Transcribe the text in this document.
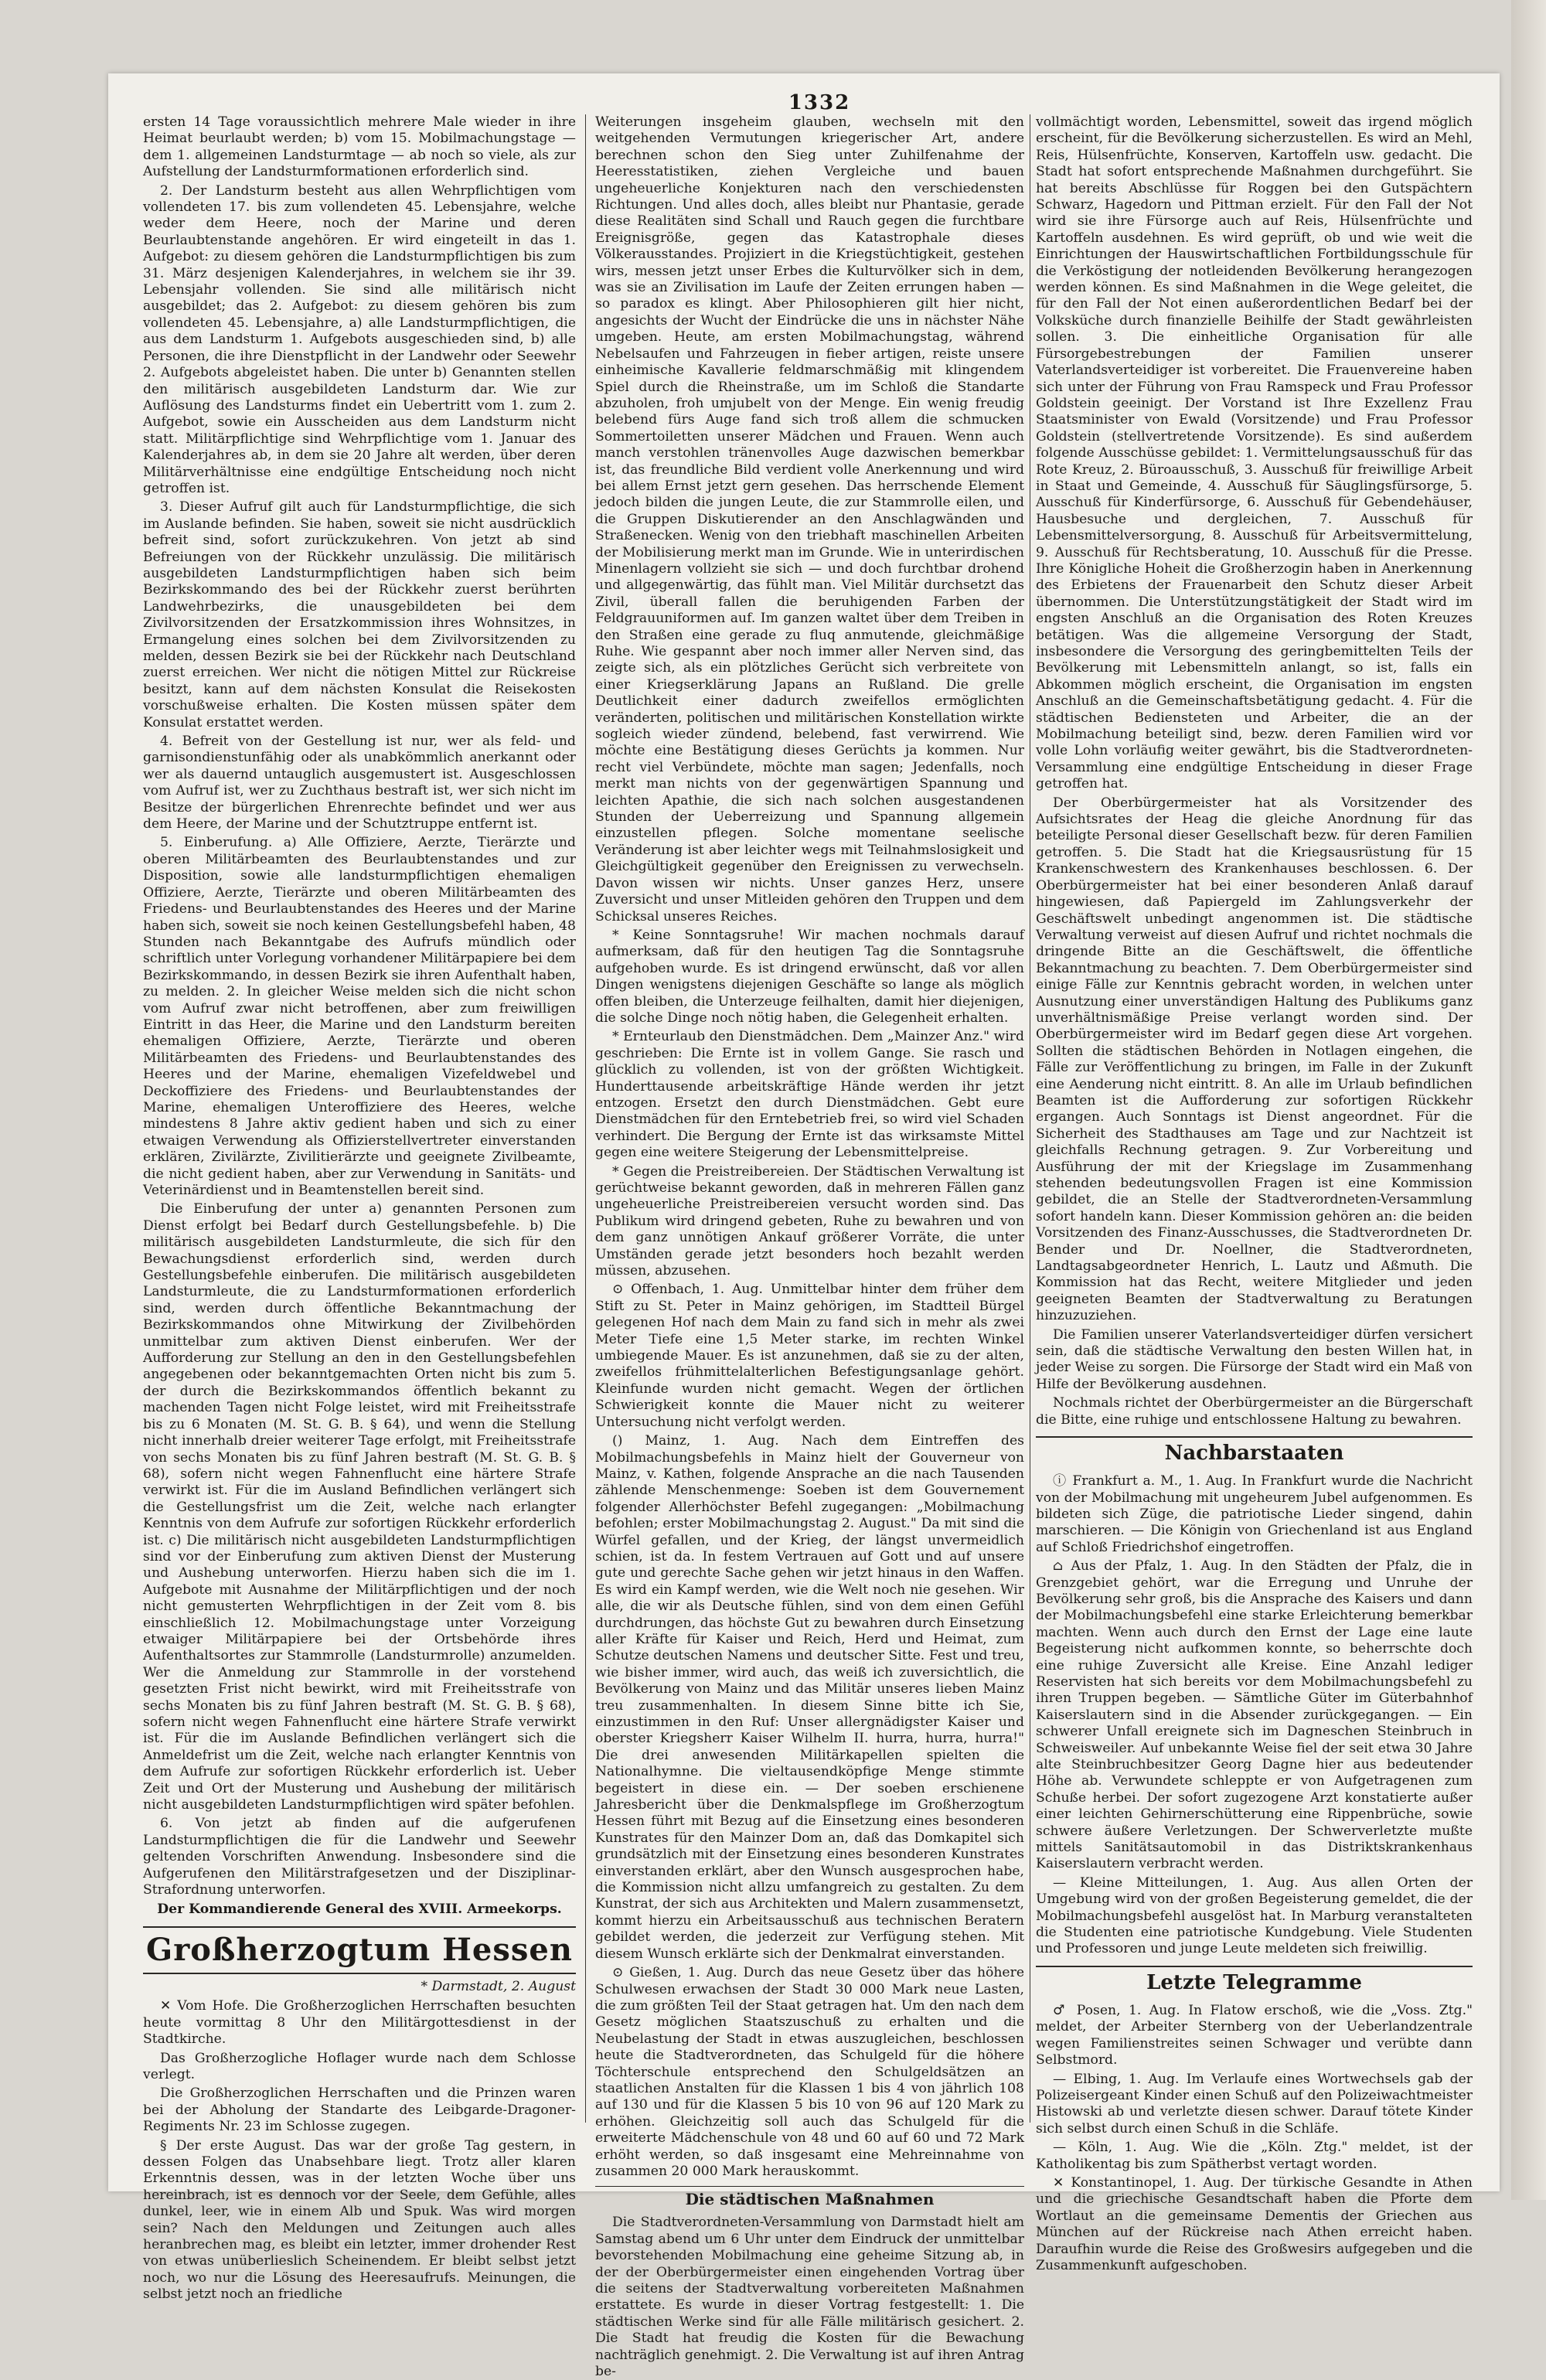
1332

ersten 14 Tage voraussichtlich mehrere Male wieder in ihre Heimat beurlaubt werden; b) vom 15. Mobilmachungstage — dem 1. allgemeinen Landsturmtage — ab noch so viele, als zur Aufstellung der Landsturmformationen erforderlich sind.

2. Der Landsturm besteht aus allen Wehrpflichtigen vom vollendeten 17. bis zum vollendeten 45. Lebensjahre, welche weder dem Heere, noch der Marine und deren Beurlaubtenstande angehören. Er wird eingeteilt in das 1. Aufgebot: zu diesem gehören die Landsturmpflichtigen bis zum 31. März desjenigen Kalenderjahres, in welchem sie ihr 39. Lebensjahr vollenden. Sie sind alle militärisch nicht ausgebildet; das 2. Aufgebot: zu diesem gehören bis zum vollendeten 45. Lebensjahre, a) alle Landsturmpflichtigen, die aus dem Landsturm 1. Aufgebots ausgeschieden sind, b) alle Personen, die ihre Dienstpflicht in der Landwehr oder Seewehr 2. Aufgebots abgeleistet haben. Die unter b) Genannten stellen den militärisch ausgebildeten Landsturm dar. Wie zur Auflösung des Landsturms findet ein Uebertritt vom 1. zum 2. Aufgebot, sowie ein Ausscheiden aus dem Landsturm nicht statt. Militärpflichtige sind Wehrpflichtige vom 1. Januar des Kalenderjahres ab, in dem sie 20 Jahre alt werden, über deren Militärverhältnisse eine endgültige Entscheidung noch nicht getroffen ist.

3. Dieser Aufruf gilt auch für Landsturmpflichtige, die sich im Auslande befinden. Sie haben, soweit sie nicht ausdrücklich befreit sind, sofort zurückzukehren. Von jetzt ab sind Befreiungen von der Rückkehr unzulässig. Die militärisch ausgebildeten Landsturmpflichtigen haben sich beim Bezirkskommando des bei der Rückkehr zuerst berührten Landwehrbezirks, die unausgebildeten bei dem Zivilvorsitzenden der Ersatzkommission ihres Wohnsitzes, in Ermangelung eines solchen bei dem Zivilvorsitzenden zu melden, dessen Bezirk sie bei der Rückkehr nach Deutschland zuerst erreichen. Wer nicht die nötigen Mittel zur Rückreise besitzt, kann auf dem nächsten Konsulat die Reisekosten vorschußweise erhalten. Die Kosten müssen später dem Konsulat erstattet werden.

4. Befreit von der Gestellung ist nur, wer als feld- und garnisondienstunfähig oder als unabkömmlich anerkannt oder wer als dauernd untauglich ausgemustert ist. Ausgeschlossen vom Aufruf ist, wer zu Zuchthaus bestraft ist, wer sich nicht im Besitze der bürgerlichen Ehrenrechte befindet und wer aus dem Heere, der Marine und der Schutztruppe entfernt ist.

5. Einberufung. a) Alle Offiziere, Aerzte, Tierärzte und oberen Militärbeamten des Beurlaubtenstandes und zur Disposition, sowie alle landsturmpflichtigen ehemaligen Offiziere, Aerzte, Tierärzte und oberen Militärbeamten des Friedens- und Beurlaubtenstandes des Heeres und der Marine haben sich, soweit sie noch keinen Gestellungsbefehl haben, 48 Stunden nach Bekanntgabe des Aufrufs mündlich oder schriftlich unter Vorlegung vorhandener Militärpapiere bei dem Bezirkskommando, in dessen Bezirk sie ihren Aufenthalt haben, zu melden. 2. In gleicher Weise melden sich die nicht schon vom Aufruf zwar nicht betroffenen, aber zum freiwilligen Eintritt in das Heer, die Marine und den Landsturm bereiten ehemaligen Offiziere, Aerzte, Tierärzte und oberen Militärbeamten des Friedens- und Beurlaubtenstandes des Heeres und der Marine, ehemaligen Vizefeldwebel und Deckoffiziere des Friedens- und Beurlaubtenstandes der Marine, ehemaligen Unteroffiziere des Heeres, welche mindestens 8 Jahre aktiv gedient haben und sich zu einer etwaigen Verwendung als Offizierstellvertreter einverstanden erklären, Zivilärzte, Zivilitierärzte und geeignete Zivilbeamte, die nicht gedient haben, aber zur Verwendung in Sanitäts- und Veterinärdienst und in Beamtenstellen bereit sind.

Die Einberufung der unter a) genannten Personen zum Dienst erfolgt bei Bedarf durch Gestellungsbefehle. b) Die militärisch ausgebildeten Landsturmleute, die sich für den Bewachungsdienst erforderlich sind, werden durch Gestellungsbefehle einberufen. Die militärisch ausgebildeten Landsturmleute, die zu Landsturmformationen erforderlich sind, werden durch öffentliche Bekanntmachung der Bezirkskommandos ohne Mitwirkung der Zivilbehörden unmittelbar zum aktiven Dienst einberufen. Wer der Aufforderung zur Stellung an den in den Gestellungsbefehlen angegebenen oder bekanntgemachten Orten nicht bis zum 5. der durch die Bezirkskommandos öffentlich bekannt zu machenden Tagen nicht Folge leistet, wird mit Freiheitsstrafe bis zu 6 Monaten (M. St. G. B. § 64), und wenn die Stellung nicht innerhalb dreier weiterer Tage erfolgt, mit Freiheitsstrafe von sechs Monaten bis zu fünf Jahren bestraft (M. St. G. B. § 68), sofern nicht wegen Fahnenflucht eine härtere Strafe verwirkt ist. Für die im Ausland Befindlichen verlängert sich die Gestellungsfrist um die Zeit, welche nach erlangter Kenntnis von dem Aufrufe zur sofortigen Rückkehr erforderlich ist. c) Die militärisch nicht ausgebildeten Landsturmpflichtigen sind vor der Einberufung zum aktiven Dienst der Musterung und Aushebung unterworfen. Hierzu haben sich die im 1. Aufgebote mit Ausnahme der Militärpflichtigen und der noch nicht gemusterten Wehrpflichtigen in der Zeit vom 8. bis einschließlich 12. Mobilmachungstage unter Vorzeigung etwaiger Militärpapiere bei der Ortsbehörde ihres Aufenthaltsortes zur Stammrolle (Landsturmrolle) anzumelden. Wer die Anmeldung zur Stammrolle in der vorstehend gesetzten Frist nicht bewirkt, wird mit Freiheitsstrafe von sechs Monaten bis zu fünf Jahren bestraft (M. St. G. B. § 68), sofern nicht wegen Fahnenflucht eine härtere Strafe verwirkt ist. Für die im Auslande Befindlichen verlängert sich die Anmeldefrist um die Zeit, welche nach erlangter Kenntnis von dem Aufrufe zur sofortigen Rückkehr erforderlich ist. Ueber Zeit und Ort der Musterung und Aushebung der militärisch nicht ausgebildeten Landsturmpflichtigen wird später befohlen.

6. Von jetzt ab finden auf die aufgerufenen Landsturmpflichtigen die für die Landwehr und Seewehr geltenden Vorschriften Anwendung. Insbesondere sind die Aufgerufenen den Militärstrafgesetzen und der Disziplinar-Strafordnung unterworfen.

Der Kommandierende General des XVIII. Armeekorps.

Großherzogtum Hessen

* Darmstadt, 2. August

✕ Vom Hofe. Die Großherzoglichen Herrschaften besuchten heute vormittag 8 Uhr den Militärgottesdienst in der Stadtkirche.

Das Großherzogliche Hoflager wurde nach dem Schlosse verlegt.

Die Großherzoglichen Herrschaften und die Prinzen waren bei der Abholung der Standarte des Leibgarde-Dragoner-Regiments Nr. 23 im Schlosse zugegen.

§ Der erste August. Das war der große Tag gestern, in dessen Folgen das Unabsehbare liegt. Trotz aller klaren Erkenntnis dessen, was in der letzten Woche über uns hereinbrach, ist es dennoch vor der Seele, dem Gefühle, alles dunkel, leer, wie in einem Alb und Spuk. Was wird morgen sein? Nach den Meldungen und Zeitungen auch alles heranbrechen mag, es bleibt ein letzter, immer drohender Rest von etwas unüberlieslich Scheinendem. Er bleibt selbst jetzt noch, wo nur die Lösung des Heeresaufrufs. Meinungen, die selbst jetzt noch an friedliche

Weiterungen insgeheim glauben, wechseln mit den weitgehenden Vermutungen kriegerischer Art, andere berechnen schon den Sieg unter Zuhilfenahme der Heeresstatistiken, ziehen Vergleiche und bauen ungeheuerliche Konjekturen nach den verschiedensten Richtungen. Und alles doch, alles bleibt nur Phantasie, gerade diese Realitäten sind Schall und Rauch gegen die furchtbare Ereignisgröße, gegen das Katastrophale dieses Völkerausstandes. Projiziert in die Kriegstüchtigkeit, gestehen wirs, messen jetzt unser Erbes die Kulturvölker sich in dem, was sie an Zivilisation im Laufe der Zeiten errungen haben — so paradox es klingt. Aber Philosophieren gilt hier nicht, angesichts der Wucht der Eindrücke die uns in nächster Nähe umgeben. Heute, am ersten Mobilmachungstag, während Nebelsaufen und Fahrzeugen in fieber artigen, reiste unsere einheimische Kavallerie feldmarschmäßig mit klingendem Spiel durch die Rheinstraße, um im Schloß die Standarte abzuholen, froh umjubelt von der Menge. Ein wenig freudig belebend fürs Auge fand sich troß allem die schmucken Sommertoiletten unserer Mädchen und Frauen. Wenn auch manch verstohlen tränenvolles Auge dazwischen bemerkbar ist, das freundliche Bild verdient volle Anerkennung und wird bei allem Ernst jetzt gern gesehen. Das herrschende Element jedoch bilden die jungen Leute, die zur Stammrolle eilen, und die Gruppen Diskutierender an den Anschlagwänden und Straßenecken. Wenig von den triebhaft maschinellen Arbeiten der Mobilisierung merkt man im Grunde. Wie in unterirdischen Minenlagern vollzieht sie sich — und doch furchtbar drohend und allgegenwärtig, das fühlt man. Viel Militär durchsetzt das Zivil, überall fallen die beruhigenden Farben der Feldgrauuniformen auf. Im ganzen waltet über dem Treiben in den Straßen eine gerade zu fluq anmutende, gleichmäßige Ruhe. Wie gespannt aber noch immer aller Nerven sind, das zeigte sich, als ein plötzliches Gerücht sich verbreitete von einer Kriegserklärung Japans an Rußland. Die grelle Deutlichkeit einer dadurch zweifellos ermöglichten veränderten, politischen und militärischen Konstellation wirkte sogleich wieder zündend, belebend, fast verwirrend. Wie möchte eine Bestätigung dieses Gerüchts ja kommen. Nur recht viel Verbündete, möchte man sagen; Jedenfalls, noch merkt man nichts von der gegenwärtigen Spannung und leichten Apathie, die sich nach solchen ausgestandenen Stunden der Ueberreizung und Spannung allgemein einzustellen pflegen. Solche momentane seelische Veränderung ist aber leichter wegs mit Teilnahmslosigkeit und Gleichgültigkeit gegenüber den Ereignissen zu verwechseln. Davon wissen wir nichts. Unser ganzes Herz, unsere Zuversicht und unser Mitleiden gehören den Truppen und dem Schicksal unseres Reiches.

* Keine Sonntagsruhe! Wir machen nochmals darauf aufmerksam, daß für den heutigen Tag die Sonntagsruhe aufgehoben wurde. Es ist dringend erwünscht, daß vor allen Dingen wenigstens diejenigen Geschäfte so lange als möglich offen bleiben, die Unterzeuge feilhalten, damit hier diejenigen, die solche Dinge noch nötig haben, die Gelegenheit erhalten.

* Ernteurlaub den Dienstmädchen. Dem „Mainzer Anz." wird geschrieben: Die Ernte ist in vollem Gange. Sie rasch und glücklich zu vollenden, ist von der größten Wichtigkeit. Hunderttausende arbeitskräftige Hände werden ihr jetzt entzogen. Ersetzt den durch Dienstmädchen. Gebt eure Dienstmädchen für den Erntebetrieb frei, so wird viel Schaden verhindert. Die Bergung der Ernte ist das wirksamste Mittel gegen eine weitere Steigerung der Lebensmittelpreise.

* Gegen die Preistreibereien. Der Städtischen Verwaltung ist gerüchtweise bekannt geworden, daß in mehreren Fällen ganz ungeheuerliche Preistreibereien versucht worden sind. Das Publikum wird dringend gebeten, Ruhe zu bewahren und von dem ganz unnötigen Ankauf größerer Vorräte, die unter Umständen gerade jetzt besonders hoch bezahlt werden müssen, abzusehen.

⊙ Offenbach, 1. Aug. Unmittelbar hinter dem früher dem Stift zu St. Peter in Mainz gehörigen, im Stadtteil Bürgel gelegenen Hof nach dem Main zu fand sich in mehr als zwei Meter Tiefe eine 1,5 Meter starke, im rechten Winkel umbiegende Mauer. Es ist anzunehmen, daß sie zu der alten, zweifellos frühmittelalterlichen Befestigungsanlage gehört. Kleinfunde wurden nicht gemacht. Wegen der örtlichen Schwierigkeit konnte die Mauer nicht zu weiterer Untersuchung nicht verfolgt werden.

() Mainz, 1. Aug. Nach dem Eintreffen des Mobilmachungsbefehls in Mainz hielt der Gouverneur von Mainz, v. Kathen, folgende Ansprache an die nach Tausenden zählende Menschenmenge: Soeben ist dem Gouvernement folgender Allerhöchster Befehl zugegangen: „Mobilmachung befohlen; erster Mobilmachungstag 2. August." Da mit sind die Würfel gefallen, und der Krieg, der längst unvermeidlich schien, ist da. In festem Vertrauen auf Gott und auf unsere gute und gerechte Sache gehen wir jetzt hinaus in den Waffen. Es wird ein Kampf werden, wie die Welt noch nie gesehen. Wir alle, die wir als Deutsche fühlen, sind von dem einen Gefühl durchdrungen, das höchste Gut zu bewahren durch Einsetzung aller Kräfte für Kaiser und Reich, Herd und Heimat, zum Schutze deutschen Namens und deutscher Sitte. Fest und treu, wie bisher immer, wird auch, das weiß ich zuversichtlich, die Bevölkerung von Mainz und das Militär unseres lieben Mainz treu zusammenhalten. In diesem Sinne bitte ich Sie, einzustimmen in den Ruf: Unser allergnädigster Kaiser und oberster Kriegsherr Kaiser Wilhelm II. hurra, hurra, hurra!" Die drei anwesenden Militärkapellen spielten die Nationalhymne. Die vieltausendköpfige Menge stimmte begeistert in diese ein. — Der soeben erschienene Jahresbericht über die Denkmalspflege im Großherzogtum Hessen führt mit Bezug auf die Einsetzung eines besonderen Kunstrates für den Mainzer Dom an, daß das Domkapitel sich grundsätzlich mit der Einsetzung eines besonderen Kunstrates einverstanden erklärt, aber den Wunsch ausgesprochen habe, die Kommission nicht allzu umfangreich zu gestalten. Zu dem Kunstrat, der sich aus Architekten und Malern zusammensetzt, kommt hierzu ein Arbeitsausschuß aus technischen Beratern gebildet werden, die jederzeit zur Verfügung stehen. Mit diesem Wunsch erklärte sich der Denkmalrat einverstanden.

⊙ Gießen, 1. Aug. Durch das neue Gesetz über das höhere Schulwesen erwachsen der Stadt 30 000 Mark neue Lasten, die zum größten Teil der Staat getragen hat. Um den nach dem Gesetz möglichen Staatszuschuß zu erhalten und die Neubelastung der Stadt in etwas auszugleichen, beschlossen heute die Stadtverordneten, das Schulgeld für die höhere Töchterschule entsprechend den Schulgeldsätzen an staatlichen Anstalten für die Klassen 1 bis 4 von jährlich 108 auf 130 und für die Klassen 5 bis 10 von 96 auf 120 Mark zu erhöhen. Gleichzeitig soll auch das Schulgeld für die erweiterte Mädchenschule von 48 und 60 auf 60 und 72 Mark erhöht werden, so daß insgesamt eine Mehreinnahme von zusammen 20 000 Mark herauskommt.

Die städtischen Maßnahmen

Die Stadtverordneten-Versammlung von Darmstadt hielt am Samstag abend um 6 Uhr unter dem Eindruck der unmittelbar bevorstehenden Mobilmachung eine geheime Sitzung ab, in der der Oberbürgermeister einen eingehenden Vortrag über die seitens der Stadtverwaltung vorbereiteten Maßnahmen erstattete. Es wurde in dieser Vortrag festgestellt: 1. Die städtischen Werke sind für alle Fälle militärisch gesichert. 2. Die Stadt hat freudig die Kosten für die Bewachung nachträglich genehmigt. 2. Die Verwaltung ist auf ihren Antrag be-

vollmächtigt worden, Lebensmittel, soweit das irgend möglich erscheint, für die Bevölkerung sicherzustellen. Es wird an Mehl, Reis, Hülsenfrüchte, Konserven, Kartoffeln usw. gedacht. Die Stadt hat sofort entsprechende Maßnahmen durchgeführt. Sie hat bereits Abschlüsse für Roggen bei den Gutspächtern Schwarz, Hagedorn und Pittman erzielt. Für den Fall der Not wird sie ihre Fürsorge auch auf Reis, Hülsenfrüchte und Kartoffeln ausdehnen. Es wird geprüft, ob und wie weit die Einrichtungen der Hauswirtschaftlichen Fortbildungsschule für die Verköstigung der notleidenden Bevölkerung herangezogen werden können. Es sind Maßnahmen in die Wege geleitet, die für den Fall der Not einen außerordentlichen Bedarf bei der Volksküche durch finanzielle Beihilfe der Stadt gewährleisten sollen. 3. Die einheitliche Organisation für alle Fürsorgebestrebungen der Familien unserer Vaterlandsverteidiger ist vorbereitet. Die Frauenvereine haben sich unter der Führung von Frau Ramspeck und Frau Professor Goldstein geeinigt. Der Vorstand ist Ihre Exzellenz Frau Staatsminister von Ewald (Vorsitzende) und Frau Professor Goldstein (stellvertretende Vorsitzende). Es sind außerdem folgende Ausschüsse gebildet: 1. Vermittelungsausschuß für das Rote Kreuz, 2. Büroausschuß, 3. Ausschuß für freiwillige Arbeit in Staat und Gemeinde, 4. Ausschuß für Säuglingsfürsorge, 5. Ausschuß für Kinderfürsorge, 6. Ausschuß für Gebendehäuser, Hausbesuche und dergleichen, 7. Ausschuß für Lebensmittelversorgung, 8. Ausschuß für Arbeitsvermittelung, 9. Ausschuß für Rechtsberatung, 10. Ausschuß für die Presse. Ihre Königliche Hoheit die Großherzogin haben in Anerkennung des Erbietens der Frauenarbeit den Schutz dieser Arbeit übernommen. Die Unterstützungstätigkeit der Stadt wird im engsten Anschluß an die Organisation des Roten Kreuzes betätigen. Was die allgemeine Versorgung der Stadt, insbesondere die Versorgung des geringbemittelten Teils der Bevölkerung mit Lebensmitteln anlangt, so ist, falls ein Abkommen möglich erscheint, die Organisation im engsten Anschluß an die Gemeinschaftsbetätigung gedacht. 4. Für die städtischen Bediensteten und Arbeiter, die an der Mobilmachung beteiligt sind, bezw. deren Familien wird vor volle Lohn vorläufig weiter gewährt, bis die Stadtverordneten-Versammlung eine endgültige Entscheidung in dieser Frage getroffen hat.

Der Oberbürgermeister hat als Vorsitzender des Aufsichtsrates der Heag die gleiche Anordnung für das beteiligte Personal dieser Gesellschaft bezw. für deren Familien getroffen. 5. Die Stadt hat die Kriegsausrüstung für 15 Krankenschwestern des Krankenhauses beschlossen. 6. Der Oberbürgermeister hat bei einer besonderen Anlaß darauf hingewiesen, daß Papiergeld im Zahlungsverkehr der Geschäftswelt unbedingt angenommen ist. Die städtische Verwaltung verweist auf diesen Aufruf und richtet nochmals die dringende Bitte an die Geschäftswelt, die öffentliche Bekanntmachung zu beachten. 7. Dem Oberbürgermeister sind einige Fälle zur Kenntnis gebracht worden, in welchen unter Ausnutzung einer unverständigen Haltung des Publikums ganz unverhältnismäßige Preise verlangt worden sind. Der Oberbürgermeister wird im Bedarf gegen diese Art vorgehen. Sollten die städtischen Behörden in Notlagen eingehen, die Fälle zur Veröffentlichung zu bringen, im Falle in der Zukunft eine Aenderung nicht eintritt. 8. An alle im Urlaub befindlichen Beamten ist die Aufforderung zur sofortigen Rückkehr ergangen. Auch Sonntags ist Dienst angeordnet. Für die Sicherheit des Stadthauses am Tage und zur Nachtzeit ist gleichfalls Rechnung getragen. 9. Zur Vorbereitung und Ausführung der mit der Kriegslage im Zusammenhang stehenden bedeutungsvollen Fragen ist eine Kommission gebildet, die an Stelle der Stadtverordneten-Versammlung sofort handeln kann. Dieser Kommission gehören an: die beiden Vorsitzenden des Finanz-Ausschusses, die Stadtverordneten Dr. Bender und Dr. Noellner, die Stadtverordneten, Landtagsabgeordneter Henrich, L. Lautz und Aßmuth. Die Kommission hat das Recht, weitere Mitglieder und jeden geeigneten Beamten der Stadtverwaltung zu Beratungen hinzuzuziehen.

Die Familien unserer Vaterlandsverteidiger dürfen versichert sein, daß die städtische Verwaltung den besten Willen hat, in jeder Weise zu sorgen. Die Fürsorge der Stadt wird ein Maß von Hilfe der Bevölkerung ausdehnen.

Nochmals richtet der Oberbürgermeister an die Bürgerschaft die Bitte, eine ruhige und entschlossene Haltung zu bewahren.

Nachbarstaaten

ⓘ Frankfurt a. M., 1. Aug. In Frankfurt wurde die Nachricht von der Mobilmachung mit ungeheurem Jubel aufgenommen. Es bildeten sich Züge, die patriotische Lieder singend, dahin marschieren. — Die Königin von Griechenland ist aus England auf Schloß Friedrichshof eingetroffen.

⌂ Aus der Pfalz, 1. Aug. In den Städten der Pfalz, die in Grenzgebiet gehört, war die Erregung und Unruhe der Bevölkerung sehr groß, bis die Ansprache des Kaisers und dann der Mobilmachungsbefehl eine starke Erleichterung bemerkbar machten. Wenn auch durch den Ernst der Lage eine laute Begeisterung nicht aufkommen konnte, so beherrschte doch eine ruhige Zuversicht alle Kreise. Eine Anzahl lediger Reservisten hat sich bereits vor dem Mobilmachungsbefehl zu ihren Truppen begeben. — Sämtliche Güter im Güterbahnhof Kaiserslautern sind in die Absender zurückgegangen. — Ein schwerer Unfall ereignete sich im Dagneschen Steinbruch in Schweisweiler. Auf unbekannte Weise fiel der seit etwa 30 Jahre alte Steinbruchbesitzer Georg Dagne hier aus bedeutender Höhe ab. Verwundete schleppte er von Aufgetragenen zum Schuße herbei. Der sofort zugezogene Arzt konstatierte außer einer leichten Gehirnerschütterung eine Rippenbrüche, sowie schwere äußere Verletzungen. Der Schwerverletzte mußte mittels Sanitätsautomobil in das Distriktskrankenhaus Kaiserslautern verbracht werden.

— Kleine Mitteilungen, 1. Aug. Aus allen Orten der Umgebung wird von der großen Begeisterung gemeldet, die der Mobilmachungsbefehl ausgelöst hat. In Marburg veranstalteten die Studenten eine patriotische Kundgebung. Viele Studenten und Professoren und junge Leute meldeten sich freiwillig.

Letzte Telegramme

♂ Posen, 1. Aug. In Flatow erschoß, wie die „Voss. Ztg." meldet, der Arbeiter Sternberg von der Ueberlandzentrale wegen Familienstreites seinen Schwager und verübte dann Selbstmord.

— Elbing, 1. Aug. Im Verlaufe eines Wortwechsels gab der Polizeisergeant Kinder einen Schuß auf den Polizeiwachtmeister Histowski ab und verletzte diesen schwer. Darauf tötete Kinder sich selbst durch einen Schuß in die Schläfe.

— Köln, 1. Aug. Wie die „Köln. Ztg." meldet, ist der Katholikentag bis zum Spätherbst vertagt worden.

✕ Konstantinopel, 1. Aug. Der türkische Gesandte in Athen und die griechische Gesandtschaft haben die Pforte dem Wortlaut an die gemeinsame Dementis der Griechen aus München auf der Rückreise nach Athen erreicht haben. Daraufhin wurde die Reise des Großwesirs aufgegeben und die Zusammenkunft aufgeschoben.
